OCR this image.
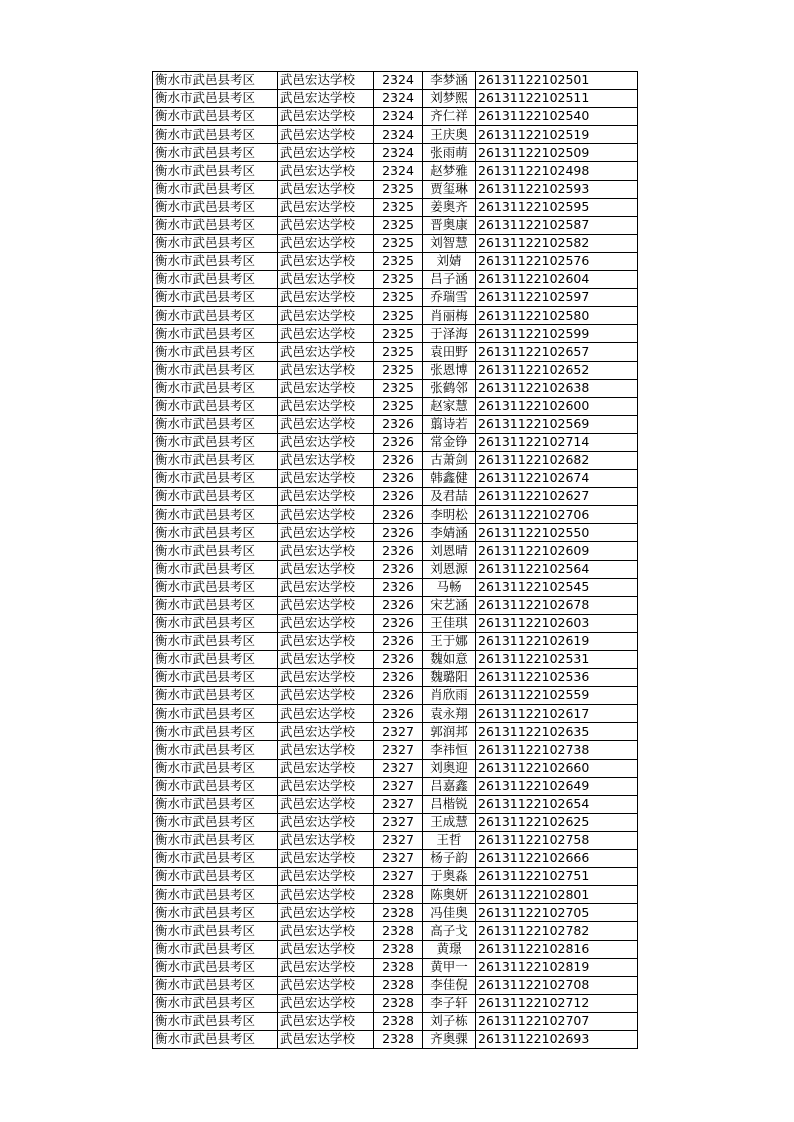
衡水市武邑县考区	武邑宏达学校	2324	李梦涵	26131122102501
衡水市武邑县考区	武邑宏达学校	2324	刘梦熙	26131122102511
衡水市武邑县考区	武邑宏达学校	2324	齐仁祥	26131122102540
衡水市武邑县考区	武邑宏达学校	2324	王庆奥	26131122102519
衡水市武邑县考区	武邑宏达学校	2324	张雨萌	26131122102509
衡水市武邑县考区	武邑宏达学校	2324	赵梦雅	26131122102498
衡水市武邑县考区	武邑宏达学校	2325	贾玺琳	26131122102593
衡水市武邑县考区	武邑宏达学校	2325	姜奥齐	26131122102595
衡水市武邑县考区	武邑宏达学校	2325	晋奥康	26131122102587
衡水市武邑县考区	武邑宏达学校	2325	刘智慧	26131122102582
衡水市武邑县考区	武邑宏达学校	2325	刘婧	26131122102576
衡水市武邑县考区	武邑宏达学校	2325	吕子涵	26131122102604
衡水市武邑县考区	武邑宏达学校	2325	乔瑞雪	26131122102597
衡水市武邑县考区	武邑宏达学校	2325	肖丽梅	26131122102580
衡水市武邑县考区	武邑宏达学校	2325	于泽海	26131122102599
衡水市武邑县考区	武邑宏达学校	2325	袁田野	26131122102657
衡水市武邑县考区	武邑宏达学校	2325	张恩博	26131122102652
衡水市武邑县考区	武邑宏达学校	2325	张鹤邻	26131122102638
衡水市武邑县考区	武邑宏达学校	2325	赵家慧	26131122102600
衡水市武邑县考区	武邑宏达学校	2326	翦诗若	26131122102569
衡水市武邑县考区	武邑宏达学校	2326	常金铮	26131122102714
衡水市武邑县考区	武邑宏达学校	2326	古萧剑	26131122102682
衡水市武邑县考区	武邑宏达学校	2326	韩鑫健	26131122102674
衡水市武邑县考区	武邑宏达学校	2326	及君喆	26131122102627
衡水市武邑县考区	武邑宏达学校	2326	李明松	26131122102706
衡水市武邑县考区	武邑宏达学校	2326	李婧涵	26131122102550
衡水市武邑县考区	武邑宏达学校	2326	刘恩晴	26131122102609
衡水市武邑县考区	武邑宏达学校	2326	刘恩源	26131122102564
衡水市武邑县考区	武邑宏达学校	2326	马畅	26131122102545
衡水市武邑县考区	武邑宏达学校	2326	宋艺涵	26131122102678
衡水市武邑县考区	武邑宏达学校	2326	王佳琪	26131122102603
衡水市武邑县考区	武邑宏达学校	2326	王于娜	26131122102619
衡水市武邑县考区	武邑宏达学校	2326	魏如意	26131122102531
衡水市武邑县考区	武邑宏达学校	2326	魏璐阳	26131122102536
衡水市武邑县考区	武邑宏达学校	2326	肖欣雨	26131122102559
衡水市武邑县考区	武邑宏达学校	2326	袁永翔	26131122102617
衡水市武邑县考区	武邑宏达学校	2327	郭润邦	26131122102635
衡水市武邑县考区	武邑宏达学校	2327	李祎恒	26131122102738
衡水市武邑县考区	武邑宏达学校	2327	刘奥迎	26131122102660
衡水市武邑县考区	武邑宏达学校	2327	吕嘉鑫	26131122102649
衡水市武邑县考区	武邑宏达学校	2327	吕楷锐	26131122102654
衡水市武邑县考区	武邑宏达学校	2327	王成慧	26131122102625
衡水市武邑县考区	武邑宏达学校	2327	王哲	26131122102758
衡水市武邑县考区	武邑宏达学校	2327	杨子韵	26131122102666
衡水市武邑县考区	武邑宏达学校	2327	于奥淼	26131122102751
衡水市武邑县考区	武邑宏达学校	2328	陈奥妍	26131122102801
衡水市武邑县考区	武邑宏达学校	2328	冯佳奥	26131122102705
衡水市武邑县考区	武邑宏达学校	2328	高子戈	26131122102782
衡水市武邑县考区	武邑宏达学校	2328	黄璟	26131122102816
衡水市武邑县考区	武邑宏达学校	2328	黄甲一	26131122102819
衡水市武邑县考区	武邑宏达学校	2328	李佳倪	26131122102708
衡水市武邑县考区	武邑宏达学校	2328	李子轩	26131122102712
衡水市武邑县考区	武邑宏达学校	2328	刘子栋	26131122102707
衡水市武邑县考区	武邑宏达学校	2328	齐奥骒	26131122102693
